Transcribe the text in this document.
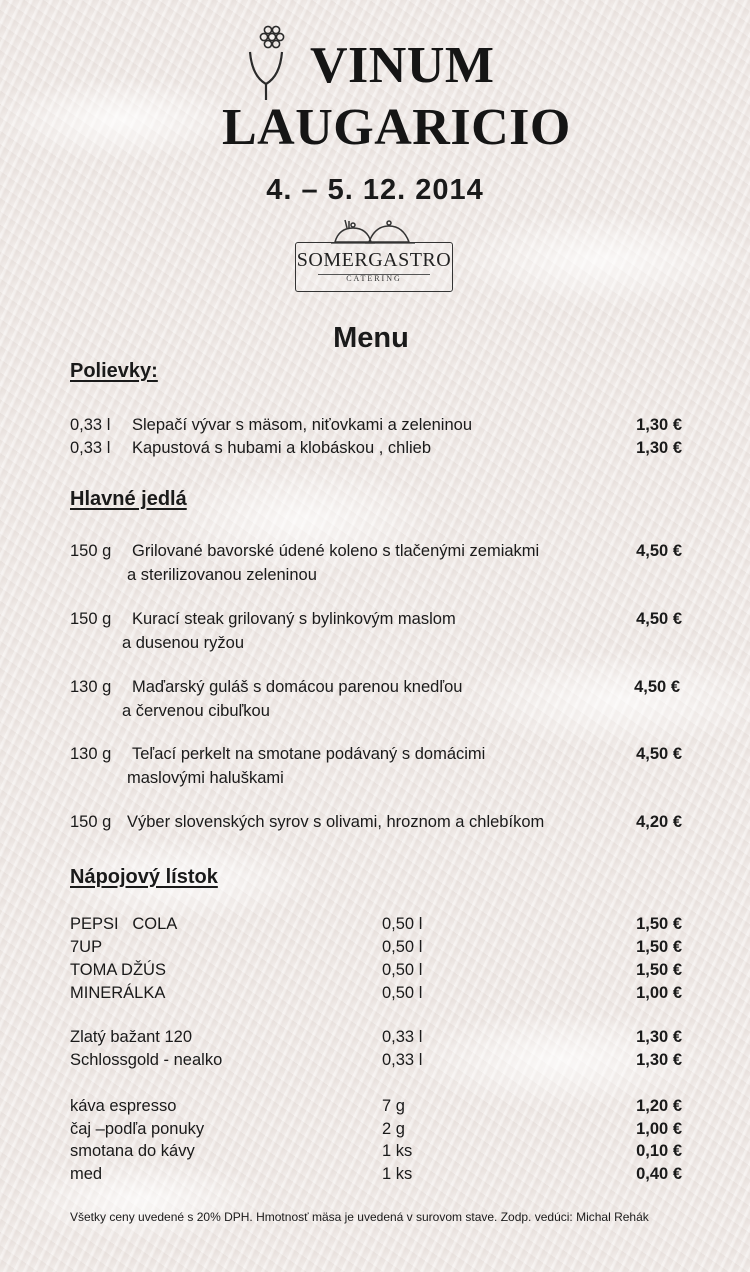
VINUM
LAUGARICIO
4. – 5. 12. 2014
SOMERGASTRO
CATERING
Menu
Polievky:
0,33 l Slepačí vývar s mäsom, niťovkami a zeleninou	1,30 €
0,33 l Kapustová s hubami a klobáskou , chlieb	1,30 €
Hlavné jedlá
150 g Grilované bavorské údené koleno s tlačenými zemiakmi	4,50 €
a sterilizovanou zeleninou
150 g Kurací steak grilovaný s bylinkovým maslom	4,50 €
a dusenou ryžou
130 g Maďarský guláš s domácou parenou knedľou	4,50 €
a červenou cibuľkou
130 g Teľací perkelt na smotane podávaný s domácimi	4,50 €
maslovými haluškami
150 g Výber slovenských syrov s olivami, hroznom a chlebíkom	4,20 €
Nápojový lístok
PEPSI   COLA	0,50 l	1,50 €
7UP	0,50 l	1,50 €
TOMA DŽÚS	0,50 l	1,50 €
MINERÁLKA	0,50 l	1,00 €
Zlatý bažant 120	0,33 l	1,30 €
Schlossgold - nealko	0,33 l	1,30 €
káva espresso	7 g	1,20 €
čaj –podľa ponuky	2 g	1,00 €
smotana do kávy	1 ks	0,10 €
med	1 ks	0,40 €
Všetky ceny uvedené s 20% DPH. Hmotnosť mäsa je uvedená v surovom stave. Zodp. vedúci: Michal Rehák
